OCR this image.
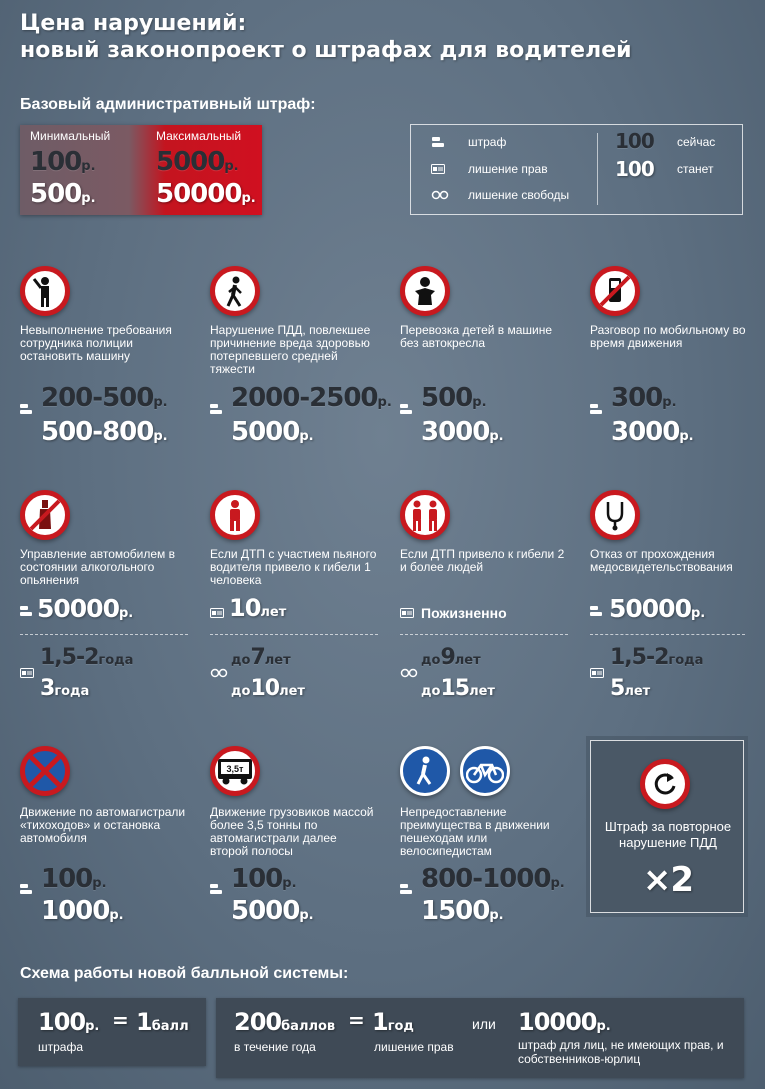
Цена нарушений:
новый законопроект о штрафах для водителей
Базовый административный штраф:
Минимальный	Максимальный
100р.
500р.
5000р.
50000р.
штраф
лишение прав
лишение свободы
100 сейчас
100 станет
Невыполнение требования сотрудника полиции остановить машину
200-500р.
500-800р.
Нарушение ПДД, повлекшее причинение вреда здоровью потерпевшего средней тяжести
2000-2500р.
5000р.
Перевозка детей в машине без автокресла
500р.
3000р.
Разговор по мобильному во время движения
300р.
3000р.
Управление автомобилем в состоянии алкогольного опьянения
50000р.
1,5-2года
3года
Если ДТП с участием пьяного водителя привело к гибели 1 человека
10лет
до7лет
до10лет
Если ДТП привело к гибели 2 и более людей
Пожизненно
до9лет
до15лет
Отказ от прохождения медосвидетельствования
50000р.
1,5-2года
5лет
Движение по автомагистрали «тихоходов» и остановка автомобиля
100р.
1000р.
3,5т
Движение грузовиков массой более 3,5 тонны по автомагистрали далее второй полосы
100р.
5000р.
Непредоставление преимущества в движении пешеходам или велосипедистам
800-1000р.
1500р.
Штраф за повторное нарушение ПДД
×2
Схема работы новой балльной системы:
100р. = 1балл
штрафа
200баллов = 1год
в течение года	лишение прав
или 10000р.
штраф для лиц, не имеющих прав, и собственников-юрлиц
